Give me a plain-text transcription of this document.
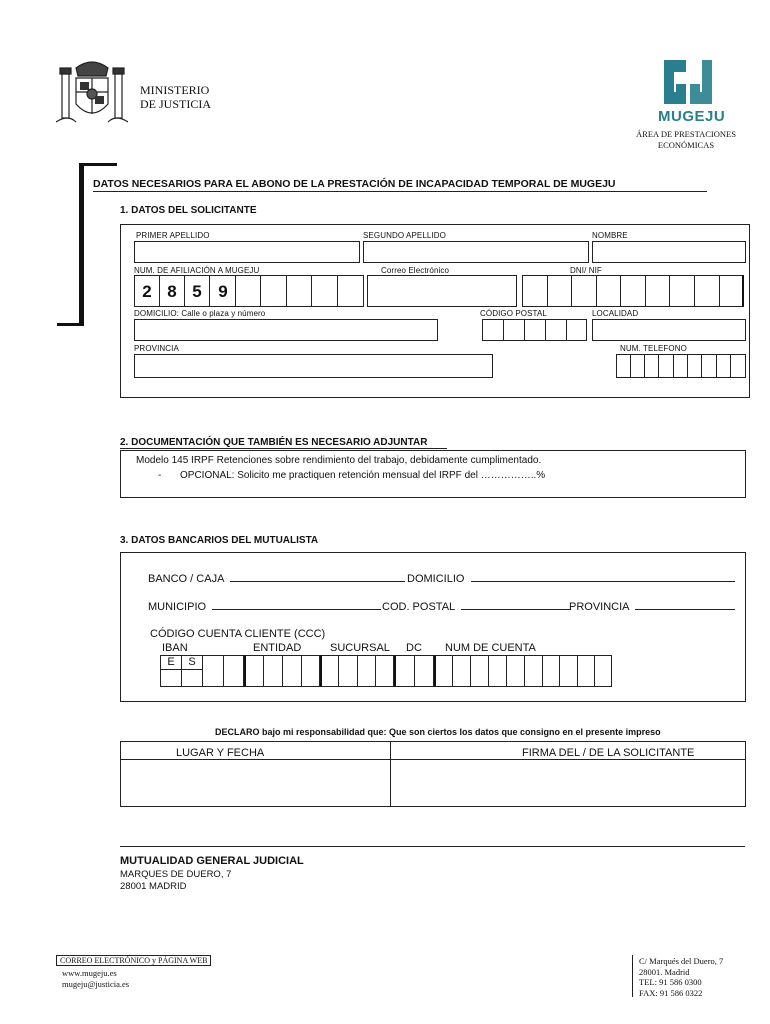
MINISTERIO
DE JUSTICIA
MUGEJU
ÁREA DE PRESTACIONES
ECONÓMICAS
DATOS NECESARIOS PARA EL ABONO DE LA PRESTACIÓN DE INCAPACIDAD TEMPORAL DE MUGEJU
1. DATOS DEL SOLICITANTE
PRIMER APELLIDO	SEGUNDO APELLIDO	NOMBRE
NUM. DE AFILIACIÓN A MUGEJU	Correo Electrónico	DNI/ NIF
2 8 5 9
DOMICILIO: Calle o plaza y número	CÓDIGO POSTAL	LOCALIDAD
PROVINCIA	NUM. TELEFONO
2. DOCUMENTACIÓN QUE TAMBIÉN ES NECESARIO ADJUNTAR
Modelo 145 IRPF Retenciones sobre rendimiento del trabajo, debidamente cumplimentado.
- OPCIONAL: Solicito me practiquen retención mensual del IRPF del ……………..%
3. DATOS BANCARIOS DEL MUTUALISTA
BANCO / CAJA	DOMICILIO
MUNICIPIO	COD. POSTAL	PROVINCIA
CÓDIGO CUENTA CLIENTE (CCC)
IBAN	ENTIDAD	SUCURSAL DC NUM DE CUENTA
E	S
DECLARO bajo mi responsabilidad que: Que son ciertos los datos que consigno en el presente impreso
LUGAR Y FECHA	FIRMA DEL / DE LA SOLICITANTE
MUTUALIDAD GENERAL JUDICIAL
MARQUES DE DUERO, 7
28001 MADRID
CORREO ELECTRÓNICO y PÁGINA WEB
www.mugeju.es
mugeju@justicia.es
C/ Marqués del Duero, 7
28001. Madrid
TEL: 91 586 0300
FAX: 91 586 0322
